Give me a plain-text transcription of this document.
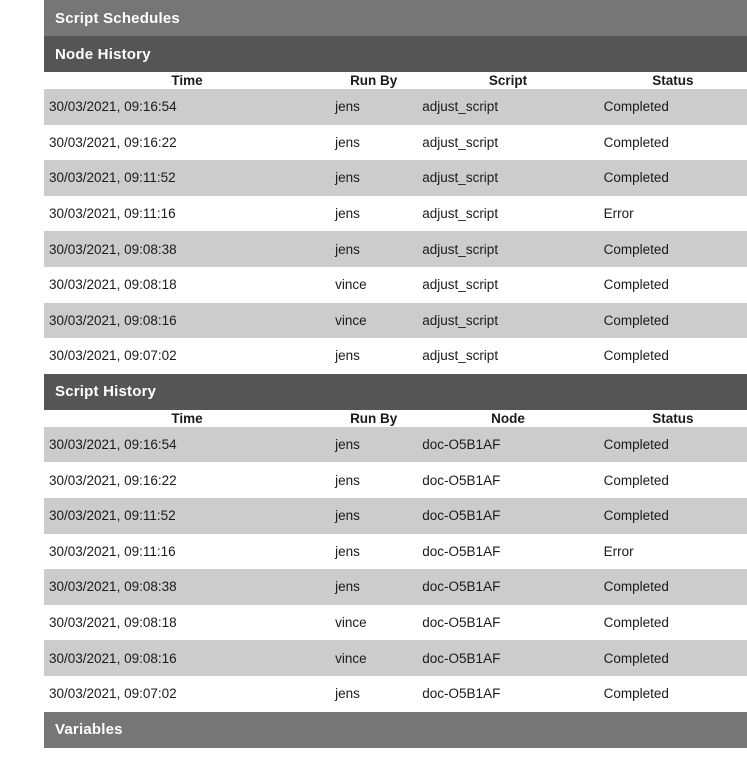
Script Schedules
Node History
Time	Run By	Script	Status
30/03/2021, 09:16:54	jens	adjust_script	Completed
30/03/2021, 09:16:22	jens	adjust_script	Completed
30/03/2021, 09:11:52	jens	adjust_script	Completed
30/03/2021, 09:11:16	jens	adjust_script	Error
30/03/2021, 09:08:38	jens	adjust_script	Completed
30/03/2021, 09:08:18	vince	adjust_script	Completed
30/03/2021, 09:08:16	vince	adjust_script	Completed
30/03/2021, 09:07:02	jens	adjust_script	Completed
Script History
Time	Run By	Node	Status
30/03/2021, 09:16:54	jens	doc-O5B1AF	Completed
30/03/2021, 09:16:22	jens	doc-O5B1AF	Completed
30/03/2021, 09:11:52	jens	doc-O5B1AF	Completed
30/03/2021, 09:11:16	jens	doc-O5B1AF	Error
30/03/2021, 09:08:38	jens	doc-O5B1AF	Completed
30/03/2021, 09:08:18	vince	doc-O5B1AF	Completed
30/03/2021, 09:08:16	vince	doc-O5B1AF	Completed
30/03/2021, 09:07:02	jens	doc-O5B1AF	Completed
Variables
